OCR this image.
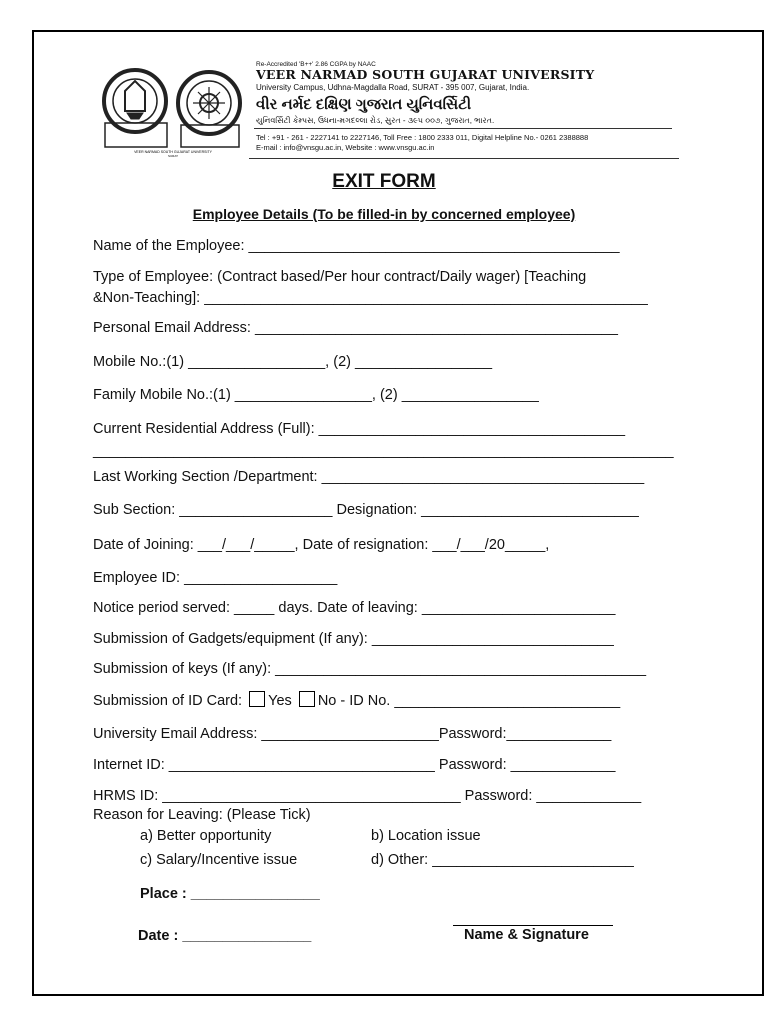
VEER NARMAD SOUTH GUJARAT UNIVERSITY
SURAT
Re-Accredited 'B++' 2.86 CGPA by NAAC
VEER NARMAD SOUTH GUJARAT UNIVERSITY
University Campus, Udhna-Magdalla Road, SURAT - 395 007, Gujarat, India.
વીર નર્મદ દક્ષિણ ગુજરાત યુનિવર્સિટી
યુનિવર્સિટી કેમ્પસ, ઉધના-મગદલ્લા રોડ, સુરત - ૩૯૫ ૦૦૭, ગુજરાત, ભારત.
Tel : +91 - 261 - 2227141 to 2227146, Toll Free : 1800 2333 011, Digital Helpline No.- 0261 2388888
E-mail : info@vnsgu.ac.in, Website : www.vnsgu.ac.in
EXIT FORM
Employee Details (To be filled-in by concerned employee)
Name of the Employee: ______________________________________________
Type of Employee: (Contract based/Per hour contract/Daily wager) [Teaching
&Non-Teaching]: _______________________________________________________
Personal Email Address: _____________________________________________
Mobile No.:(1) _________________, (2) _________________
Family Mobile No.:(1) _________________, (2) _________________
Current Residential Address (Full): ______________________________________
________________________________________________________________________
Last Working Section /Department: ________________________________________
Sub Section: ___________________ Designation: ___________________________
Date of Joining: ___/___/_____, Date of resignation: ___/___/20_____,
Employee ID: ___________________
Notice period served: _____ days. Date of leaving: ________________________
Submission of Gadgets/equipment (If any): ______________________________
Submission of keys (If any): ______________________________________________
Submission of ID Card: Yes No - ID No. ____________________________
University Email Address: ______________________Password:_____________
Internet ID: _________________________________ Password: _____________
HRMS ID: _____________________________________ Password: _____________
Reason for Leaving: (Please Tick)
a) Better opportunity	b) Location issue
c) Salary/Incentive issue	d) Other: _________________________
Place : ________________
Date : ________________	Name & Signature
